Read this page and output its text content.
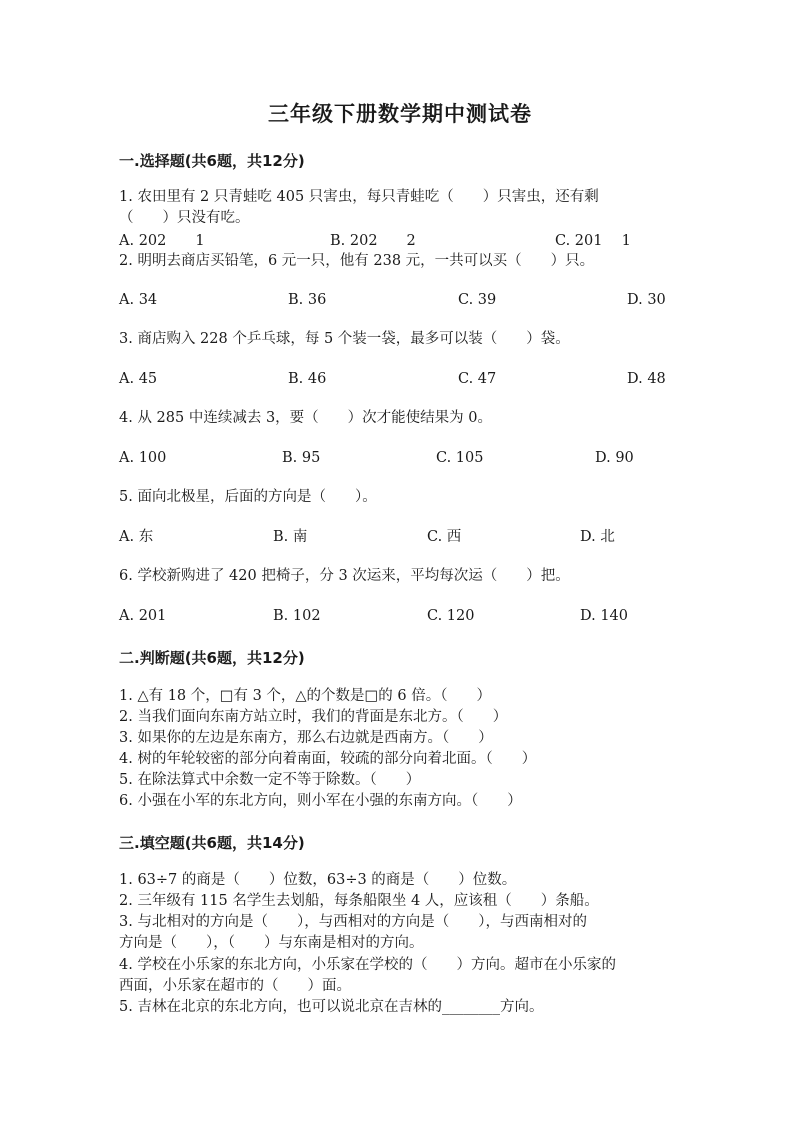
三年级下册数学期中测试卷
一.选择题(共6题，共12分)
1. 农田里有 2 只青蛙吃 405 只害虫，每只青蛙吃（　　）只害虫，还有剩
（　　）只没有吃。
A. 202　　1	B. 202　　2	C. 201　 1
2. 明明去商店买铅笔，6 元一只，他有 238 元，一共可以买（　　）只。
A. 34	B. 36	C. 39	D. 30
3. 商店购入 228 个乒乓球，每 5 个装一袋，最多可以装（　　）袋。
A. 45	B. 46	C. 47	D. 48
4. 从 285 中连续减去 3，要（　　）次才能使结果为 0。
A. 100	B. 95	C. 105	D. 90
5. 面向北极星，后面的方向是（　　）。
A. 东	B. 南	C. 西	D. 北
6. 学校新购进了 420 把椅子，分 3 次运来，平均每次运（　　）把。
A. 201	B. 102	C. 120	D. 140
二.判断题(共6题，共12分)
1. △有 18 个，□有 3 个，△的个数是□的 6 倍。（　　）
2. 当我们面向东南方站立时，我们的背面是东北方。（　　）
3. 如果你的左边是东南方，那么右边就是西南方。（　　）
4. 树的年轮较密的部分向着南面，较疏的部分向着北面。（　　）
5. 在除法算式中余数一定不等于除数。（　　）
6. 小强在小军的东北方向，则小军在小强的东南方向。（　　）
三.填空题(共6题，共14分)
1. 63÷7 的商是（　　）位数，63÷3 的商是（　　）位数。
2. 三年级有 115 名学生去划船，每条船限坐 4 人，应该租（　　）条船。
3. 与北相对的方向是（　　），与西相对的方向是（　　），与西南相对的
方向是（　　），（　　）与东南是相对的方向。
4. 学校在小乐家的东北方向，小乐家在学校的（　　）方向。超市在小乐家的
西面，小乐家在超市的（　　）面。
5. 吉林在北京的东北方向，也可以说北京在吉林的________方向。
